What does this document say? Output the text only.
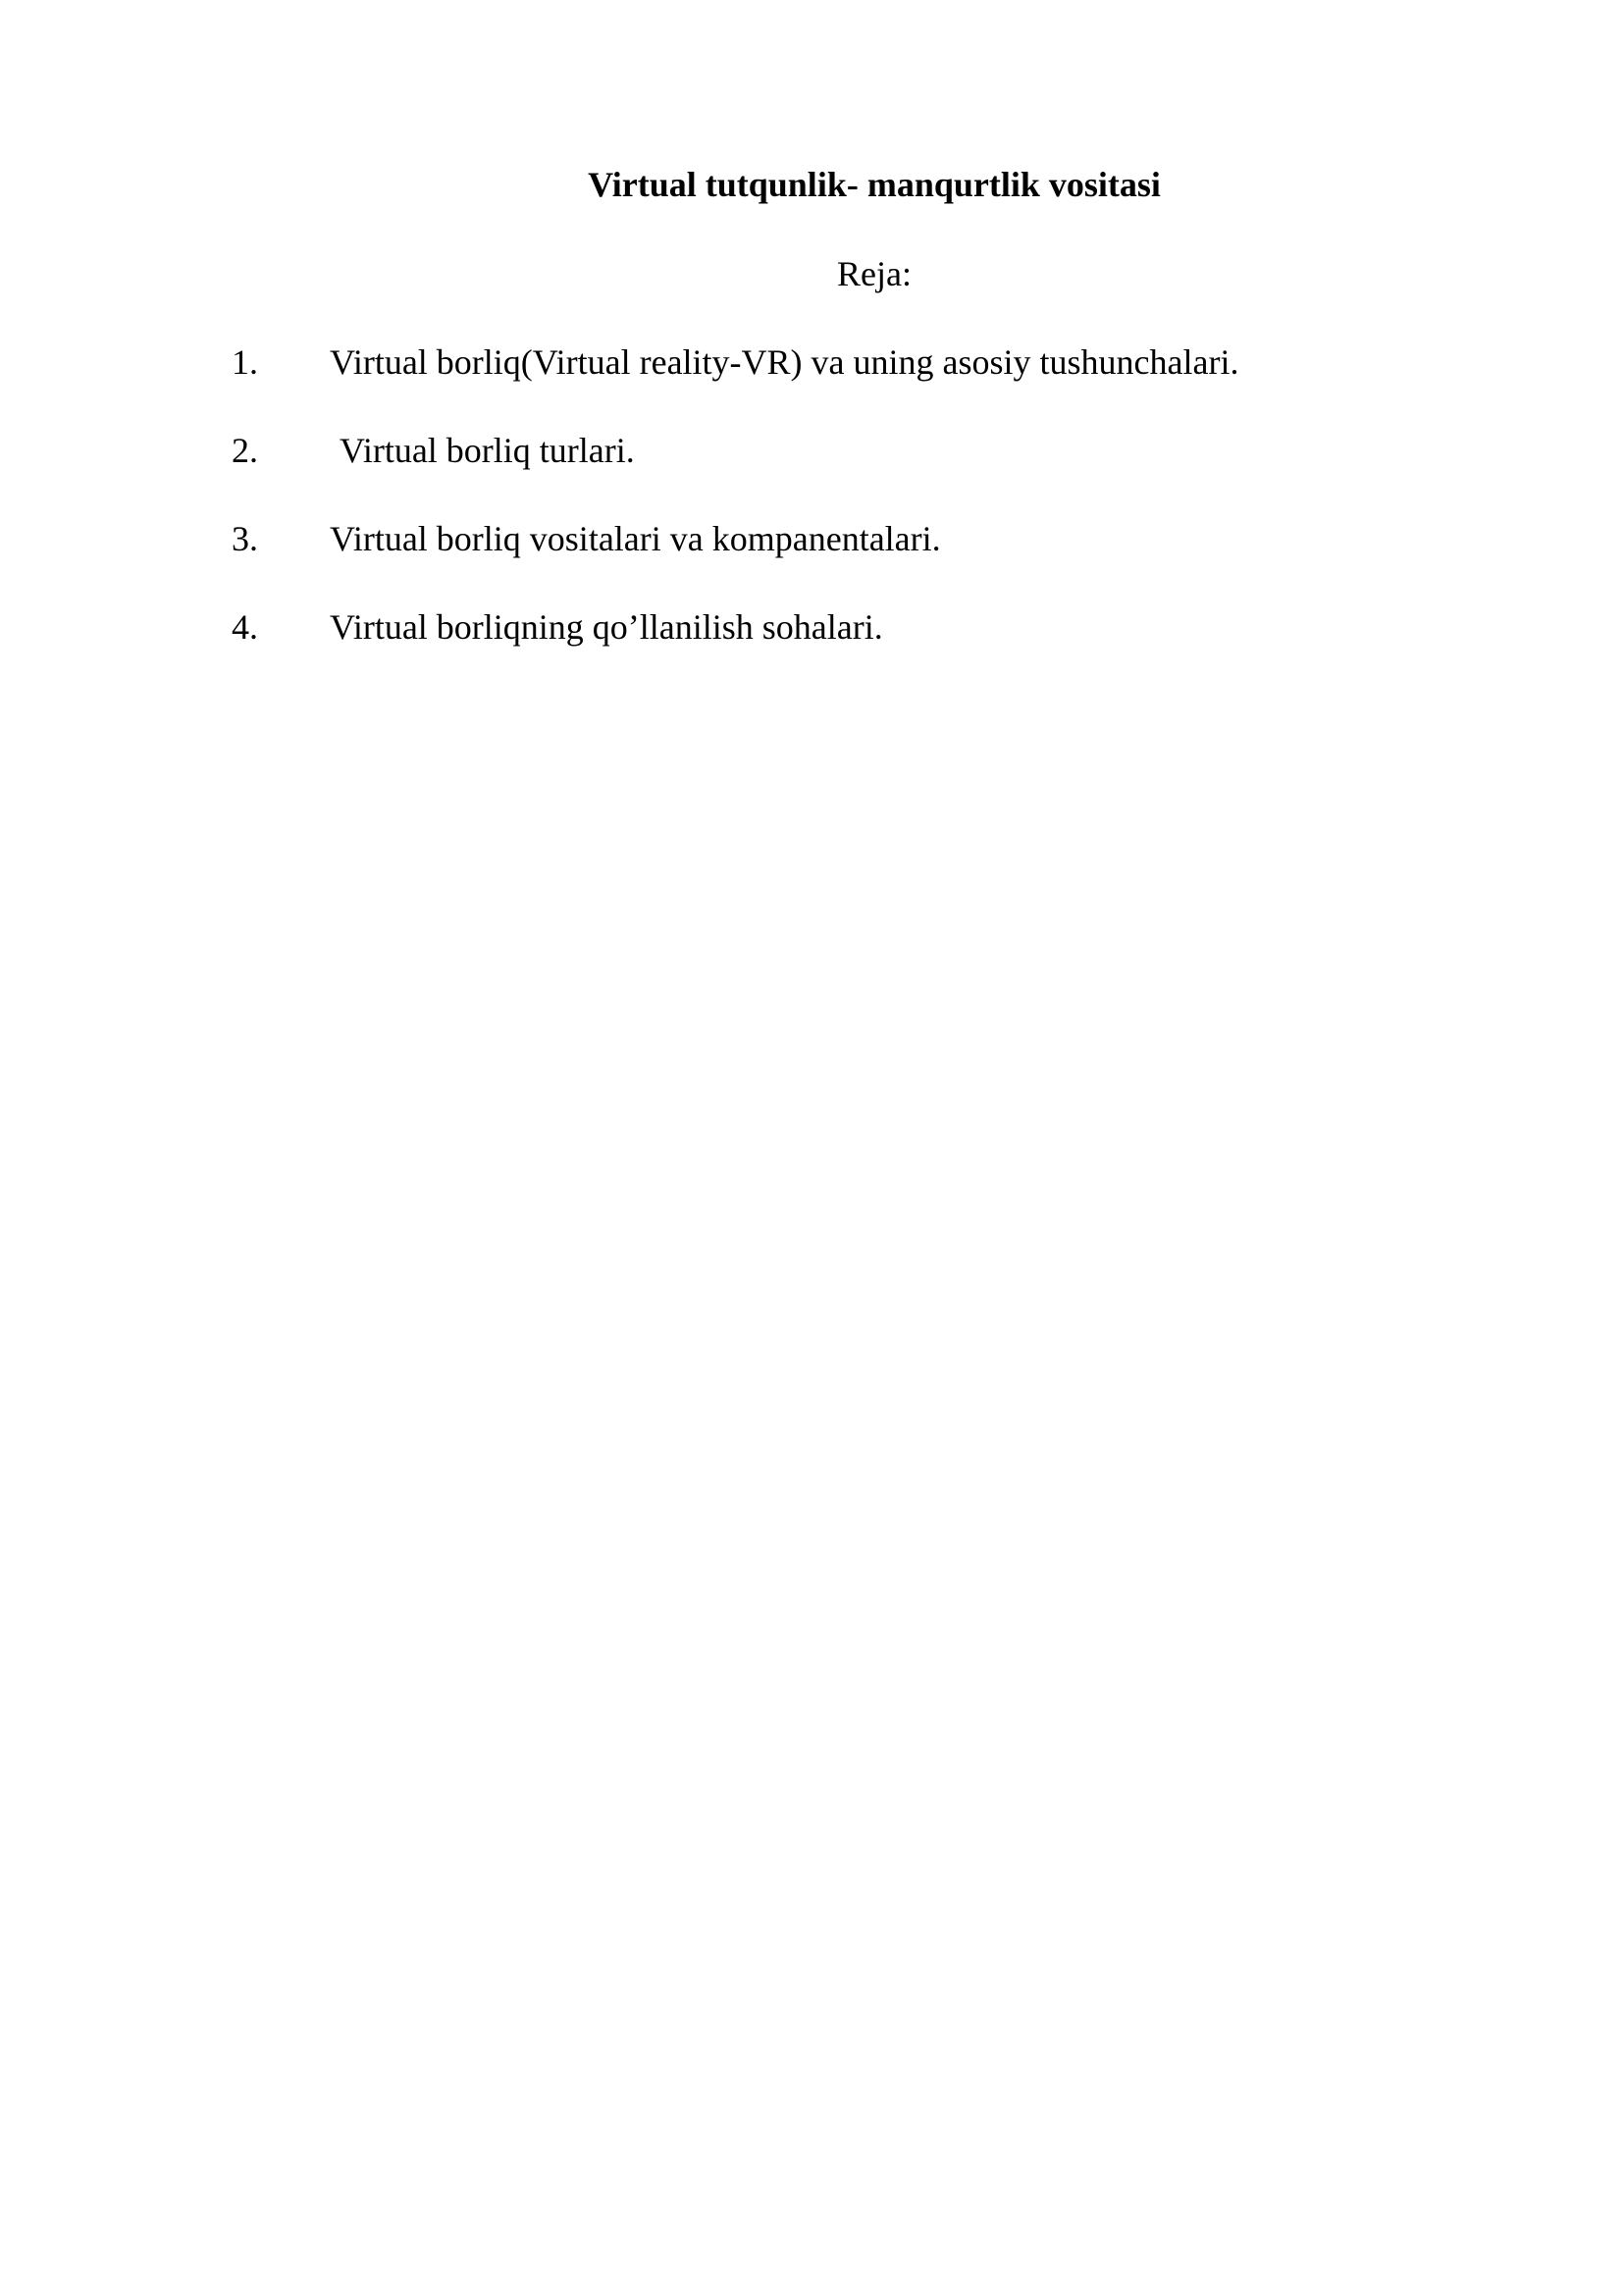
Virtual tutqunlik- manqurtlik vositasi
Reja:
1. Virtual borliq(Virtual reality-VR) va uning asosiy tushunchalari.
2. Virtual borliq turlari.
3. Virtual borliq vositalari va kompanentalari.
4. Virtual borliqning qo’llanilish sohalari.
